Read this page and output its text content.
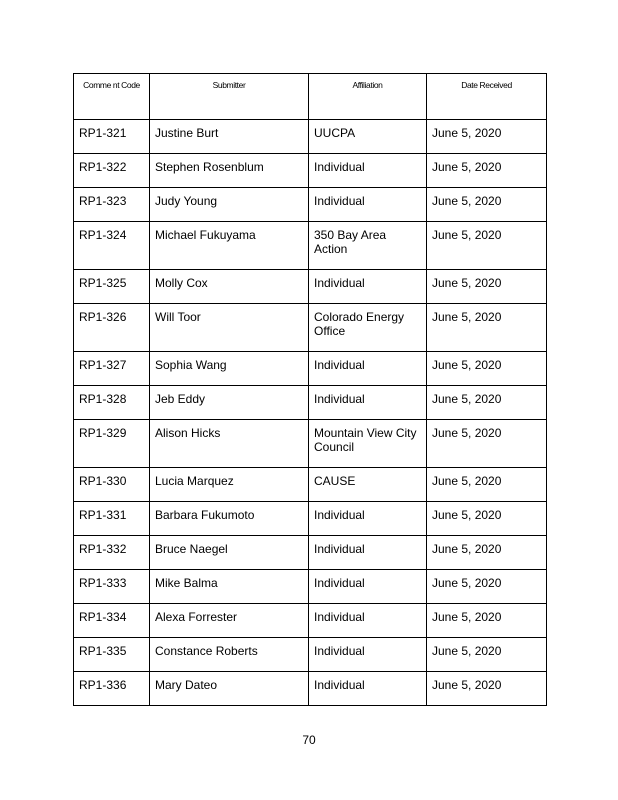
Comme nt Code	Submitter	Affiliation	Date Received
RP1-321	Justine Burt	UUCPA	June 5, 2020
RP1-322	Stephen Rosenblum	Individual	June 5, 2020
RP1-323	Judy Young	Individual	June 5, 2020
RP1-324	Michael Fukuyama	350 Bay Area Action	June 5, 2020
RP1-325	Molly Cox	Individual	June 5, 2020
RP1-326	Will Toor	Colorado Energy Office	June 5, 2020
RP1-327	Sophia Wang	Individual	June 5, 2020
RP1-328	Jeb Eddy	Individual	June 5, 2020
RP1-329	Alison Hicks	Mountain View City Council	June 5, 2020
RP1-330	Lucia Marquez	CAUSE	June 5, 2020
RP1-331	Barbara Fukumoto	Individual	June 5, 2020
RP1-332	Bruce Naegel	Individual	June 5, 2020
RP1-333	Mike Balma	Individual	June 5, 2020
RP1-334	Alexa Forrester	Individual	June 5, 2020
RP1-335	Constance Roberts	Individual	June 5, 2020
RP1-336	Mary Dateo	Individual	June 5, 2020
70
